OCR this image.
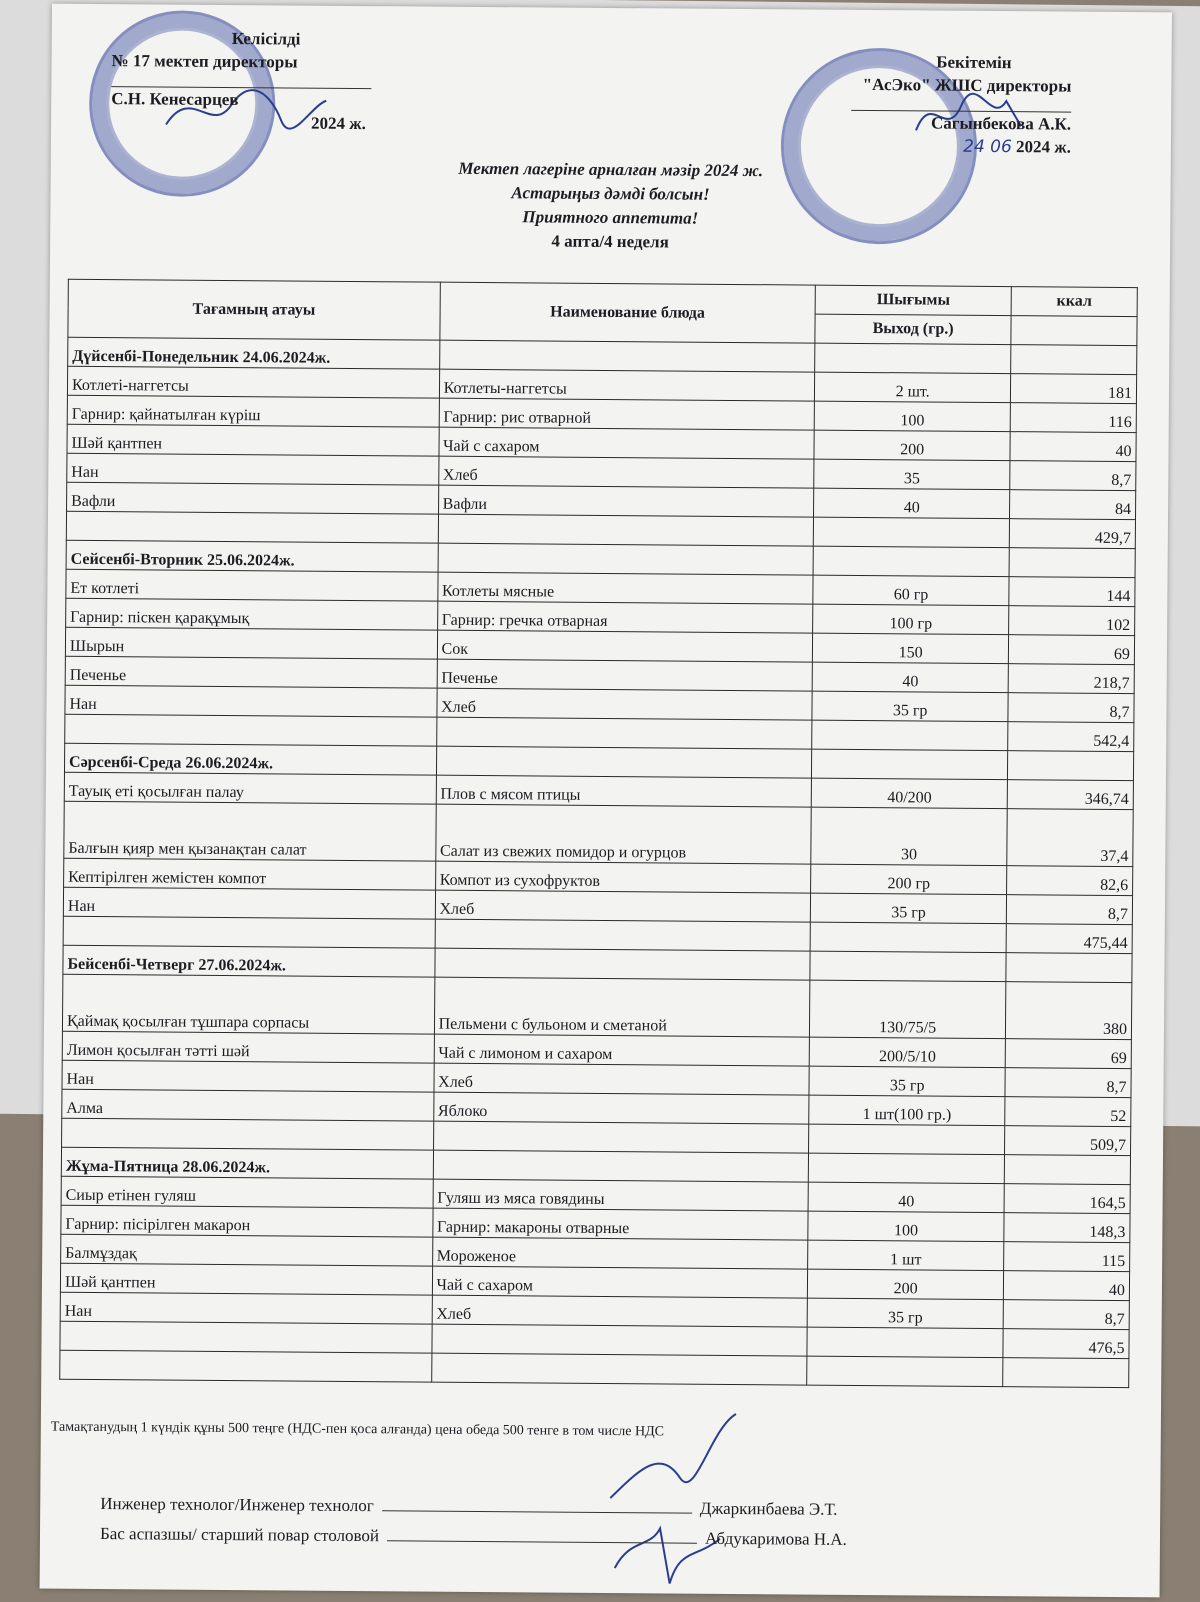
Келісілді
№ 17 мектеп директоры
С.Н. Кенесарцев
2024 ж.
Бекітемін
"АсЭко" ЖШС директоры
Сагынбекова А.К.
24 06 2024 ж.
Мектеп лагеріне арналған мәзір 2024 ж.
Астарыңыз дәмді болсын!
Приятного аппетита!
4 апта/4 неделя
Тағамның атауы	Наименование блюда	Шығымы	ккал
		Выход (гр.)	
Дүйсенбі-Понедельник 24.06.2024ж.			
Котлеті-наггетсы	Котлеты-наггетсы	2 шт.	181
Гарнир: қайнатылған күріш	Гарнир: рис отварной	100	116
Шәй қантпен	Чай с сахаром	200	40
Нан	Хлеб	35	8,7
Вафли	Вафли	40	84
			429,7
Сейсенбі-Вторник 25.06.2024ж.			
Ет котлеті	Котлеты мясные	60 гр	144
Гарнир: піскен қарақұмық	Гарнир: гречка отварная	100 гр	102
Шырын	Сок	150	69
Печенье	Печенье	40	218,7
Нан	Хлеб	35 гр	8,7
			542,4
Сәрсенбі-Среда 26.06.2024ж.			
Тауық еті қосылған палау	Плов с мясом птицы	40/200	346,74
Балғын қияр мен қызанақтан салат	Салат из свежих помидор и огурцов	30	37,4
Кептірілген жемістен компот	Компот из сухофруктов	200 гр	82,6
Нан	Хлеб	35 гр	8,7
			475,44
Бейсенбі-Четверг 27.06.2024ж.			
Қаймақ қосылған тұшпара сорпасы	Пельмени с бульоном и сметаной	130/75/5	380
Лимон қосылған тәтті шәй	Чай с лимоном и сахаром	200/5/10	69
Нан	Хлеб	35 гр	8,7
Алма	Яблоко	1 шт(100 гр.)	52
			509,7
Жұма-Пятница 28.06.2024ж.			
Сиыр етінен гуляш	Гуляш из мяса говядины	40	164,5
Гарнир: пісірілген макарон	Гарнир: макароны отварные	100	148,3
Балмұздақ	Мороженое	1 шт	115
Шәй қантпен	Чай с сахаром	200	40
Нан	Хлеб	35 гр	8,7
			476,5

Тамақтанудың 1 күндік құны 500 теңге (НДС-пен қоса алғанда) цена обеда 500 тенге в том числе НДС
Инженер технолог/Инженер технолог	Джаркинбаева Э.Т.
Бас аспазшы/ старший повар столовой	Абдукаримова Н.А.
